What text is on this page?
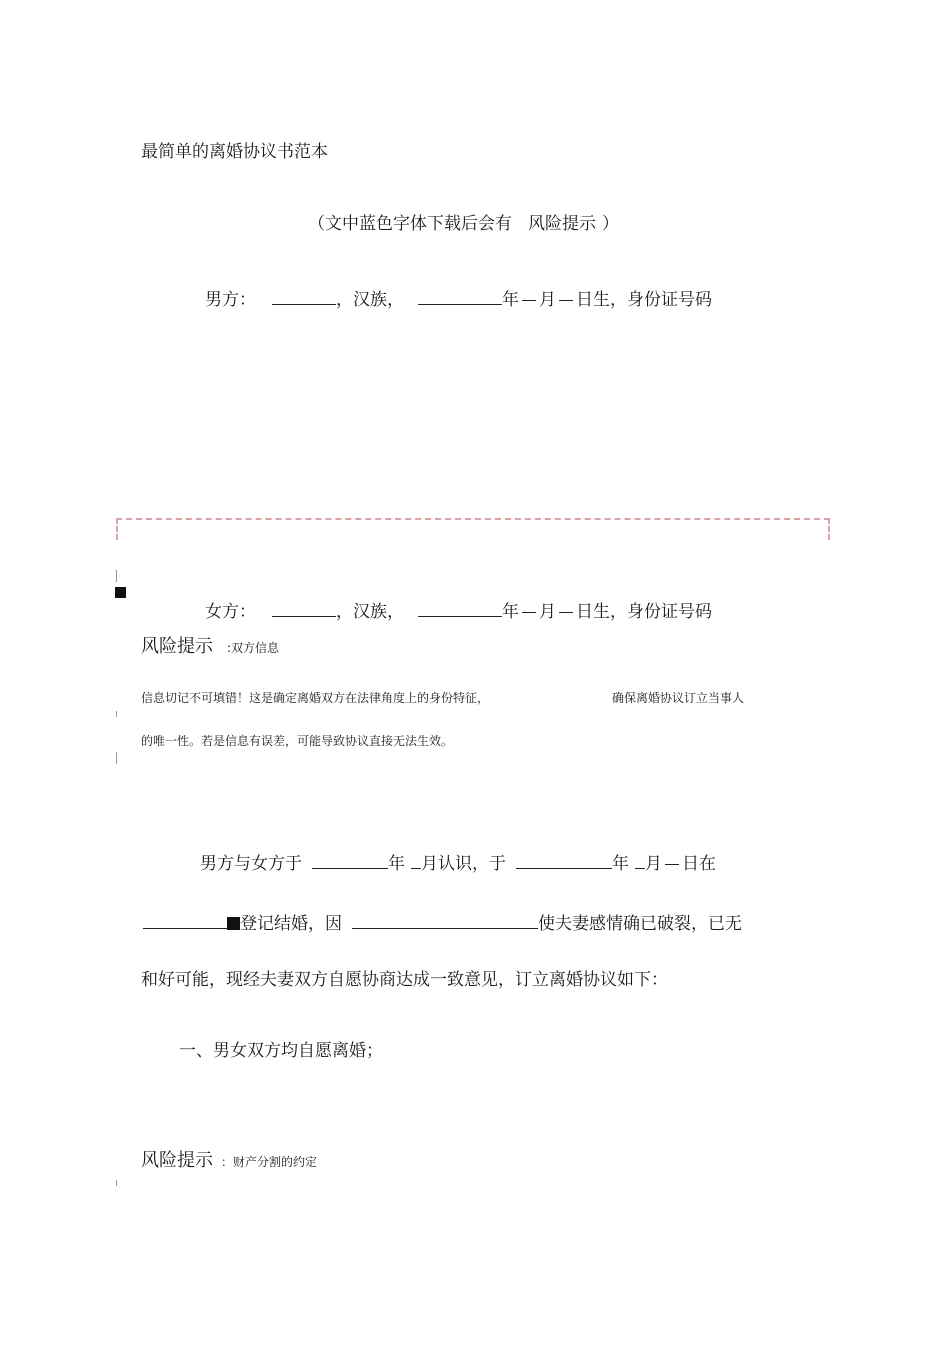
最简单的离婚协议书范本
（文中蓝色字体下载后会有 风险提示 ）
男方：	，汉族，	年 月 日生，身份证号码
女方：	，汉族，	年 月 日生，身份证号码
风险提示 :双方信息
信息切记不可填错！这是确定离婚双方在法律角度上的身份特征，	确保离婚协议订立当事人
的唯一性。若是信息有误差，可能导致协议直接无法生效。
男方与女方于	年 月认识，于	年 月 日在
登记结婚，因	使夫妻感情确已破裂，已无
和好可能，现经夫妻双方自愿协商达成一致意见，订立离婚协议如下：
一、男女双方均自愿离婚；
风险提示 ：财产分割的约定
